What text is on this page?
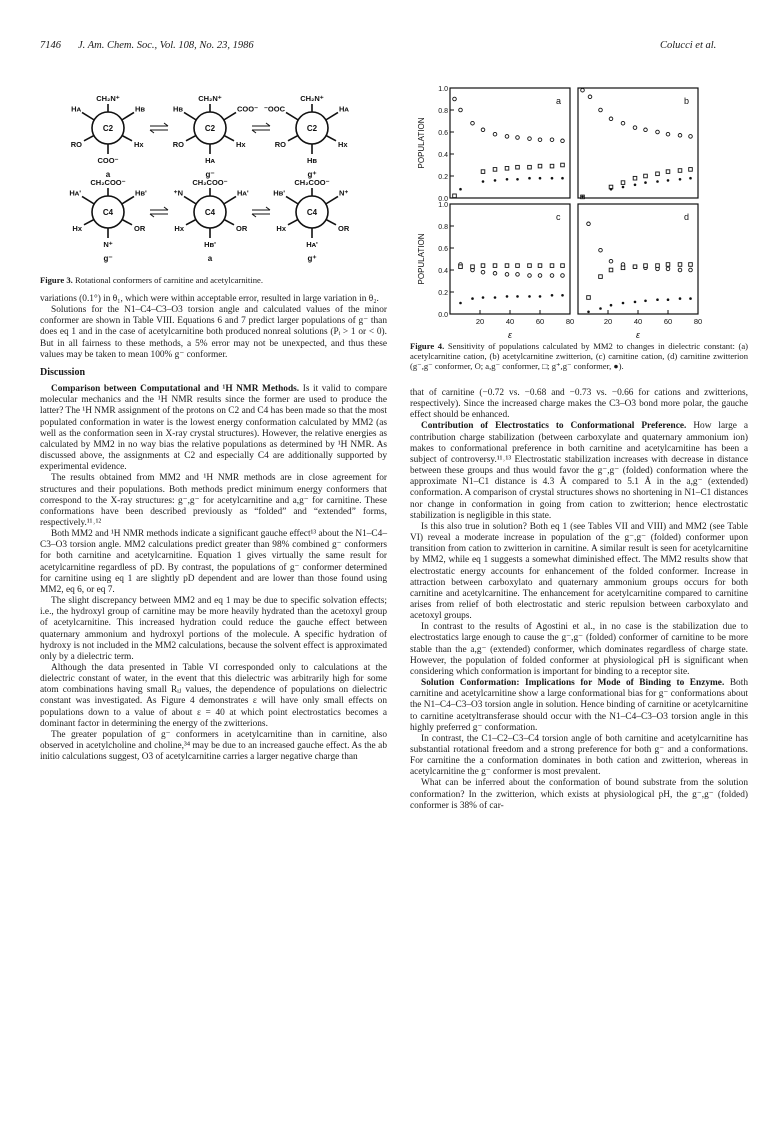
7146 J. Am. Chem. Soc., Vol. 108, No. 23, 1986	Colucci et al.
C2
CH₂N⁺
Hᴀ	Hʙ
RO	Hx
COO⁻
a
C2
CH₂N⁺
Hʙ	COO⁻
RO	Hx
Hᴀ
g⁻
C2
CH₂N⁺
⁻OOC	Hᴀ
RO	Hx
Hʙ
g⁺
C4
CH₂COO⁻
Hᴀ'	Hʙ'
Hx	OR
N⁺
g⁻
C4
CH₂COO⁻
⁺N	Hᴀ'
Hx	OR
Hʙ'
a
C4
CH₂COO⁻
Hʙ'	N⁺
Hx	OR
Hᴀ'
g⁺
Figure 3. Rotational conformers of carnitine and acetylcarnitine.

variations (0.1°) in θ₁, which were within acceptable error, resulted in large variation in θ₂.

Solutions for the N1–C4–C3–O3 torsion angle and calculated values of the minor conformer are shown in Table VIII. Equations 6 and 7 predict larger populations of g⁻ than does eq 1 and in the case of acetylcarnitine both produced nonreal solutions (Pᵢ > 1 or < 0). But in all fairness to these methods, a 5% error may not be unexpected, and thus these values may be taken to mean 100% g⁻ conformer.

Discussion

Comparison between Computational and ¹H NMR Methods. Is it valid to compare molecular mechanics and the ¹H NMR results since the former are used to produce the latter? The ¹H NMR assignment of the protons on C2 and C4 has been made so that the most populated conformation in water is the lowest energy conformation calculated by MM2 (as well as the conformation seen in X-ray crystal structures). However, the relative energies as calculated by MM2 in no way bias the relative populations as determined by ¹H NMR. As discussed above, the assignments at C2 and especially C4 are additionally supported by experimental evidence.

The results obtained from MM2 and ¹H NMR methods are in close agreement for structures and their populations. Both methods predict minimum energy conformers that correspond to the X-ray structures: g⁻,g⁻ for acetylcarnitine and a,g⁻ for carnitine. These conformations have been described previously as “folded” and “extended” forms, respectively.¹¹˒¹²

Both MM2 and ¹H NMR methods indicate a significant gauche effect¹³ about the N1–C4–C3–O3 torsion angle. MM2 calculations predict greater than 98% combined g⁻ conformers for both carnitine and acetylcarnitine. Equation 1 gives virtually the same result for acetylcarnitine regardless of pD. By contrast, the populations of g⁻ conformer determined for carnitine using eq 1 are slightly pD dependent and are lower than those found using MM2, eq 6, or eq 7.

The slight discrepancy between MM2 and eq 1 may be due to specific solvation effects; i.e., the hydroxyl group of carnitine may be more heavily hydrated than the acetoxyl group of acetylcarnitine. This increased hydration could reduce the gauche effect between quaternary ammonium and hydroxyl portions of the molecule. A specific hydration of hydroxy is not included in the MM2 calculations, because the solvent effect is approximated only by a dielectric term.

Although the data presented in Table VI corresponded only to calculations at the dielectric constant of water, in the event that this dielectric was arbitrarily high for some atom combinations having small Rᵢⱼ values, the dependence of populations on dielectric constant was investigated. As Figure 4 demonstrates ε will have only small effects on populations down to a value of about ε = 40 at which point electrostatics becomes a dominant factor in determining the energy of the zwitterions.

The greater population of g⁻ conformers in acetylcarnitine than in carnitine, also observed in acetylcholine and choline,³⁴ may be due to an increased gauche effect. As the ab initio calculations suggest, O3 of acetylcarnitine carries a larger negative charge than

a
0.0
0.2
0.4
0.6
0.8
1.0
POPULATION
b
c
0.0
0.2
0.4
0.6
0.8
1.0
POPULATION
20	40	60	80
ε
d
20	40	60	80
ε
Figure 4. Sensitivity of populations calculated by MM2 to changes in dielectric constant: (a) acetylcarnitine cation, (b) acetylcarnitine zwitterion, (c) carnitine cation, (d) carnitine zwitterion (g⁻,g⁻ conformer, O; a,g⁻ conformer, □; g⁺,g⁻ conformer, ●).

that of carnitine (−0.72 vs. −0.68 and −0.73 vs. −0.66 for cations and zwitterions, respectively). Since the increased charge makes the C3–O3 bond more polar, the gauche effect should be enhanced.

Contribution of Electrostatics to Conformational Preference. How large a contribution charge stabilization (between carboxylate and quaternary ammonium ion) makes to conformational preference in both carnitine and acetylcarnitine has been a subject of controversy.¹¹˒¹³ Electrostatic stabilization increases with decrease in distance between these groups and thus would favor the g⁻,g⁻ (folded) conformation where the approximate N1–C1 distance is 4.3 Å compared to 5.1 Å in the a,g⁻ (extended) conformation. A comparison of crystal structures shows no shortening in N1–C1 distances nor change in conformation in going from cation to zwitterion; hence electrostatic stabilization is negligible in this state.

Is this also true in solution? Both eq 1 (see Tables VII and VIII) and MM2 (see Table VI) reveal a moderate increase in population of the g⁻,g⁻ (folded) conformer upon transition from cation to zwitterion in carnitine. A similar result is seen for acetylcarnitine by MM2, while eq 1 suggests a somewhat diminished effect. The MM2 results show that electrostatic energy accounts for enhancement of the folded conformer. Increase in attraction between carboxylato and quaternary ammonium groups occurs for both carnitine and acetylcarnitine. The enhancement for acetylcarnitine compared to carnitine arises from relief of both electrostatic and steric repulsion between carboxylato and acetoxyl groups.

In contrast to the results of Agostini et al., in no case is the stabilization due to electrostatics large enough to cause the g⁻,g⁻ (folded) conformer of carnitine to be more stable than the a,g⁻ (extended) conformer, which dominates regardless of charge state. However, the population of folded conformer at physiological pH is significant when considering which conformation is important for binding to a receptor site.

Solution Conformation: Implications for Mode of Binding to Enzyme. Both carnitine and acetylcarnitine show a large conformational bias for g⁻ conformations about the N1–C4–C3–O3 torsion angle in solution. Hence binding of carnitine or acetylcarnitine to carnitine acetyltransferase should occur with the N1–C4–C3–O3 torsion angle in this highly preferred g⁻ conformation.

In contrast, the C1–C2–C3–C4 torsion angle of both carnitine and acetylcarnitine has substantial rotational freedom and a strong preference for both g⁻ and a conformations. For carnitine the a conformation dominates in both cation and zwitterion, whereas in acetylcarnitine the g⁻ conformer is most prevalent.

What can be inferred about the conformation of bound substrate from the solution conformation? In the zwitterion, which exists at physiological pH, the g⁻,g⁻ (folded) conformer is 38% of car-
